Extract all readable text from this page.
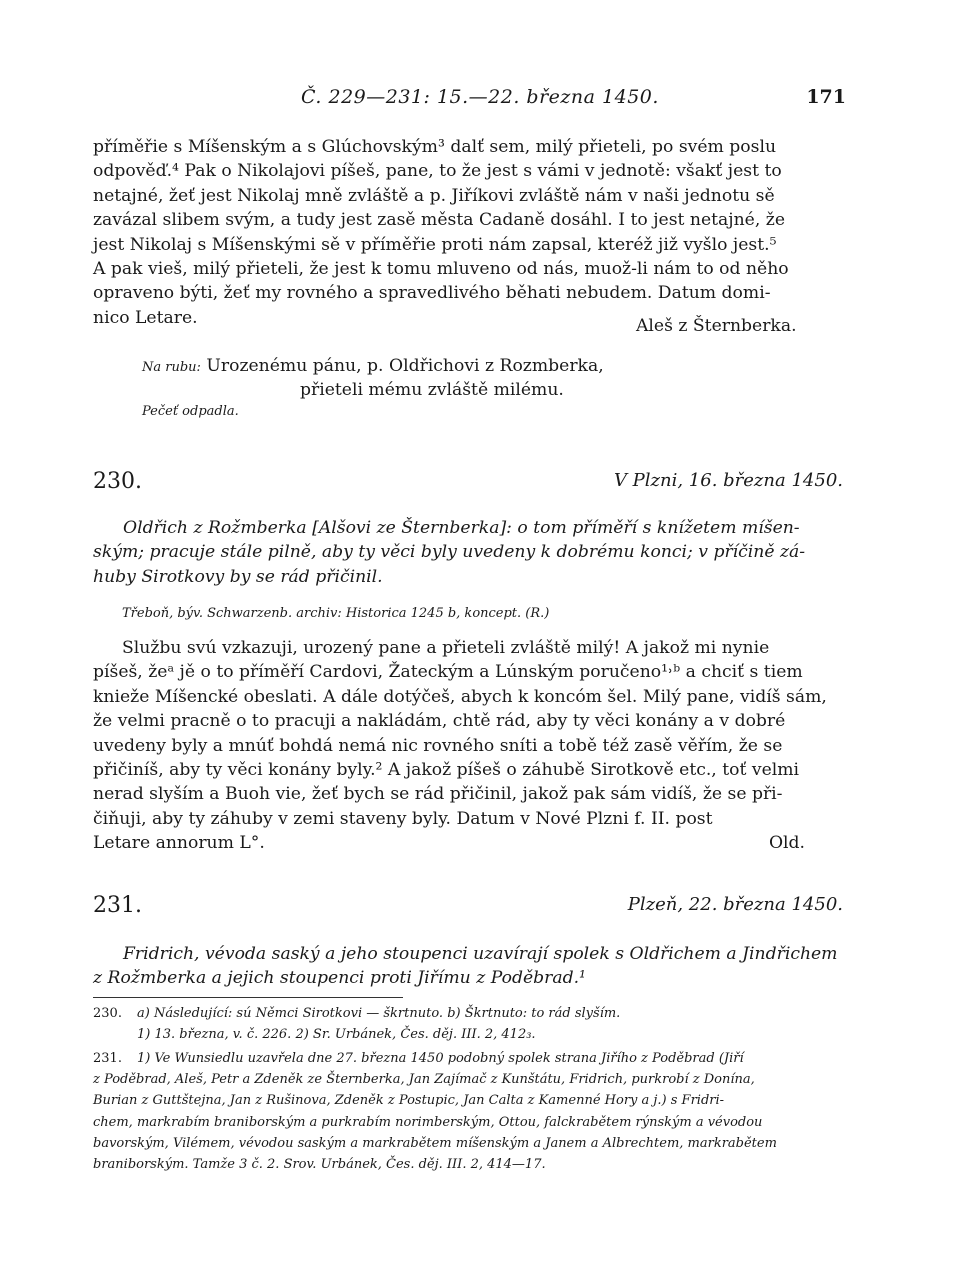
Č. 229—231: 15.—22. března 1450.	171

příměřie s Míšenským a s Glúchovským³ dalť sem, milý přieteli, po svém poslu

odpověď.⁴ Pak o Nikolajovi píšeš, pane, to že jest s vámi v jednotě: všakť jest to

netajné, žeť jest Nikolaj mně zvláště a p. Jiříkovi zvláště nám v naši jednotu sě

zavázal slibem svým, a tudy jest zasě města Cadaně dosáhl. I to jest netajné, že

jest Nikolaj s Míšenskými sě v příměřie proti nám zapsal, kteréž již vyšlo jest.⁵

A pak vieš, milý přieteli, že jest k tomu mluveno od nás, muož-li nám to od něho

opraveno býti, žeť my rovného a spravedlivého běhati nebudem. Datum domi-

nico Letare.	Aleš z Šternberka.
Na rubu: Urozenému pánu, p. Oldřichovi z Rozmberka,
přieteli mému zvláště milému.
Pečeť odpadla.
230.	V Plzni, 16. března 1450.
Oldřich z Rožmberka [Alšovi ze Šternberka]: o tom příměří s knížetem míšen-
ským; pracuje stále pilně, aby ty věci byly uvedeny k dobrému konci; v příčině zá-
huby Sirotkovy by se rád přičinil.
Třeboň, býv. Schwarzenb. archiv: Historica 1245 b, koncept. (R.)

Službu svú vzkazuji, urozený pane a přieteli zvláště milý! A jakož mi nynie

píšeš, žeᵃ jě o to příměří Cardovi, Žateckým a Lúnským poručeno¹˒ᵇ a chciť s tiem

knieže Míšencké obeslati. A dále dotýčeš, abych k koncóm šel. Milý pane, vidíš sám,

že velmi pracně o to pracuji a nakládám, chtě rád, aby ty věci konány a v dobré

uvedeny byly a mnúť bohdá nemá nic rovného sníti a tobě též zasě věřím, že se

přičiníš, aby ty věci konány byly.² A jakož píšeš o záhubě Sirotkově etc., toť velmi

nerad slyším a Buoh vie, žeť bych se rád přičinil, jakož pak sám vidíš, že se při-

čiňuji, aby ty záhuby v zemi staveny byly. Datum v Nové Plzni f. II. post

Letare annorum L°.	Old.
231.	Plzeň, 22. března 1450.
Fridrich, vévoda saský a jeho stoupenci uzavírají spolek s Oldřichem a Jindřichem
z Rožmberka a jejich stoupenci proti Jiřímu z Poděbrad.¹
230.	a) Následující: sú Němci Sirotkovi — škrtnuto. b) Škrtnuto: to rád slyším.
1) 13. března, v. č. 226. 2) Sr. Urbánek, Čes. děj. III. 2, 412₃.
231.	1) Ve Wunsiedlu uzavřela dne 27. března 1450 podobný spolek strana Jiřího z Poděbrad (Jiří
z Poděbrad, Aleš, Petr a Zdeněk ze Šternberka, Jan Zajímač z Kunštátu, Fridrich, purkrobí z Donína,
Burian z Guttštejna, Jan z Rušinova, Zdeněk z Postupic, Jan Calta z Kamenné Hory a j.) s Fridri-
chem, markrabím braniborským a purkrabím norimberským, Ottou, falckrabětem rýnským a vévodou
bavorským, Vilémem, vévodou saským a markrabětem míšenským a Janem a Albrechtem, markrabětem
braniborským. Tamže 3 č. 2. Srov. Urbánek, Čes. děj. III. 2, 414—17.
